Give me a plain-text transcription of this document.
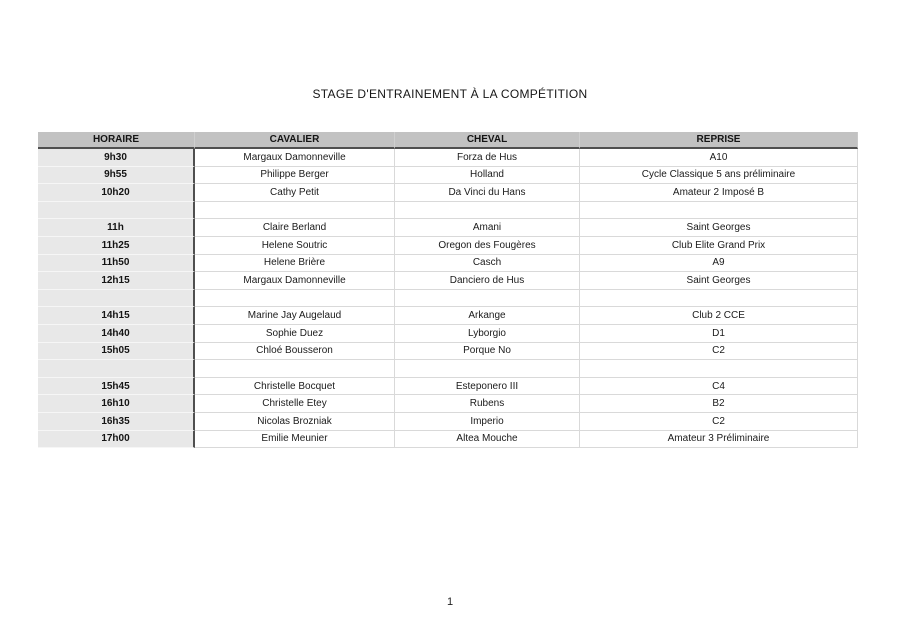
STAGE D'ENTRAINEMENT À LA COMPÉTITION
HORAIRE	CAVALIER	CHEVAL	REPRISE
9h30	Margaux Damonneville	Forza de Hus	A10
9h55	Philippe Berger	Holland	Cycle Classique 5 ans préliminaire
10h20	Cathy Petit	Da Vinci du Hans	Amateur 2 Imposé B

11h	Claire Berland	Amani	Saint Georges
11h25	Helene Soutric	Oregon des Fougères	Club Elite Grand Prix
11h50	Helene Brière	Casch	A9
12h15	Margaux Damonneville	Danciero de Hus	Saint Georges

14h15	Marine Jay Augelaud	Arkange	Club 2 CCE
14h40	Sophie Duez	Lyborgio	D1
15h05	Chloé Bousseron	Porque No	C2

15h45	Christelle Bocquet	Esteponero III	C4
16h10	Christelle Etey	Rubens	B2
16h35	Nicolas Brozniak	Imperio	C2
17h00	Emilie Meunier	Altea Mouche	Amateur 3 Préliminaire
1
